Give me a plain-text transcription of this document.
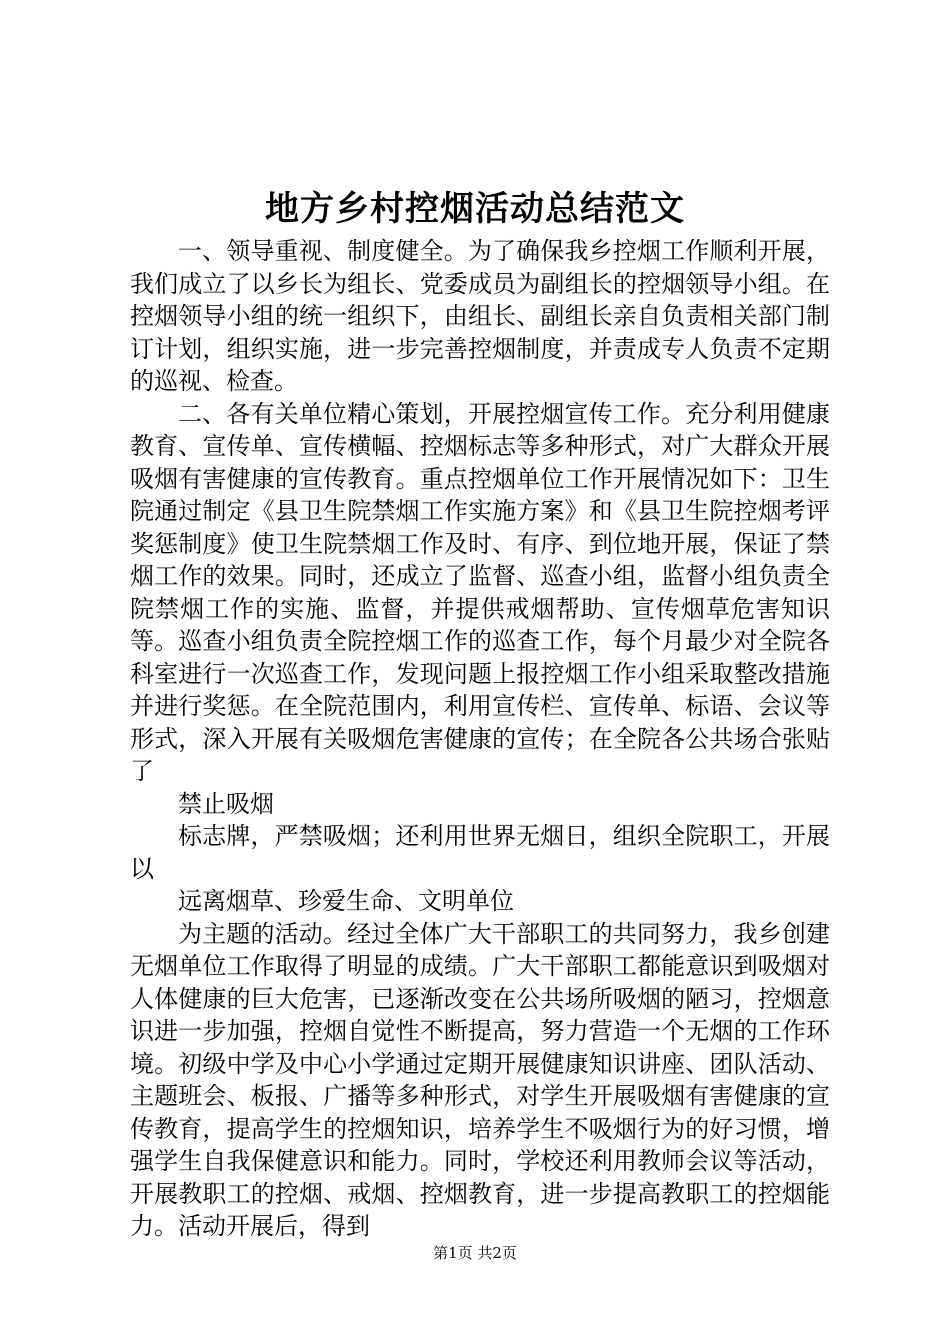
地方乡村控烟活动总结范文

一、领导重视、制度健全。为了确保我乡控烟工作顺利开展，我们成立了以乡长为组长、党委成员为副组长的控烟领导小组。在控烟领导小组的统一组织下，由组长、副组长亲自负责相关部门制订计划，组织实施，进一步完善控烟制度，并责成专人负责不定期的巡视、检查。

二、各有关单位精心策划，开展控烟宣传工作。充分利用健康教育、宣传单、宣传横幅、控烟标志等多种形式，对广大群众开展吸烟有害健康的宣传教育。重点控烟单位工作开展情况如下：卫生院通过制定《县卫生院禁烟工作实施方案》和《县卫生院控烟考评奖惩制度》使卫生院禁烟工作及时、有序、到位地开展，保证了禁烟工作的效果。同时，还成立了监督、巡查小组，监督小组负责全院禁烟工作的实施、监督，并提供戒烟帮助、宣传烟草危害知识等。巡查小组负责全院控烟工作的巡查工作，每个月最少对全院各科室进行一次巡查工作，发现问题上报控烟工作小组采取整改措施并进行奖惩。在全院范围内，利用宣传栏、宣传单、标语、会议等形式，深入开展有关吸烟危害健康的宣传；在全院各公共场合张贴了

禁止吸烟

标志牌，严禁吸烟；还利用世界无烟日，组织全院职工，开展以

远离烟草、珍爱生命、文明单位

为主题的活动。经过全体广大干部职工的共同努力，我乡创建无烟单位工作取得了明显的成绩。广大干部职工都能意识到吸烟对人体健康的巨大危害，已逐渐改变在公共场所吸烟的陋习，控烟意识进一步加强，控烟自觉性不断提高，努力营造一个无烟的工作环境。初级中学及中心小学通过定期开展健康知识讲座、团队活动、主题班会、板报、广播等多种形式，对学生开展吸烟有害健康的宣传教育，提高学生的控烟知识，培养学生不吸烟行为的好习惯，增强学生自我保健意识和能力。同时，学校还利用教师会议等活动，开展教职工的控烟、戒烟、控烟教育，进一步提高教职工的控烟能力。活动开展后，得到

第1页 共2页
